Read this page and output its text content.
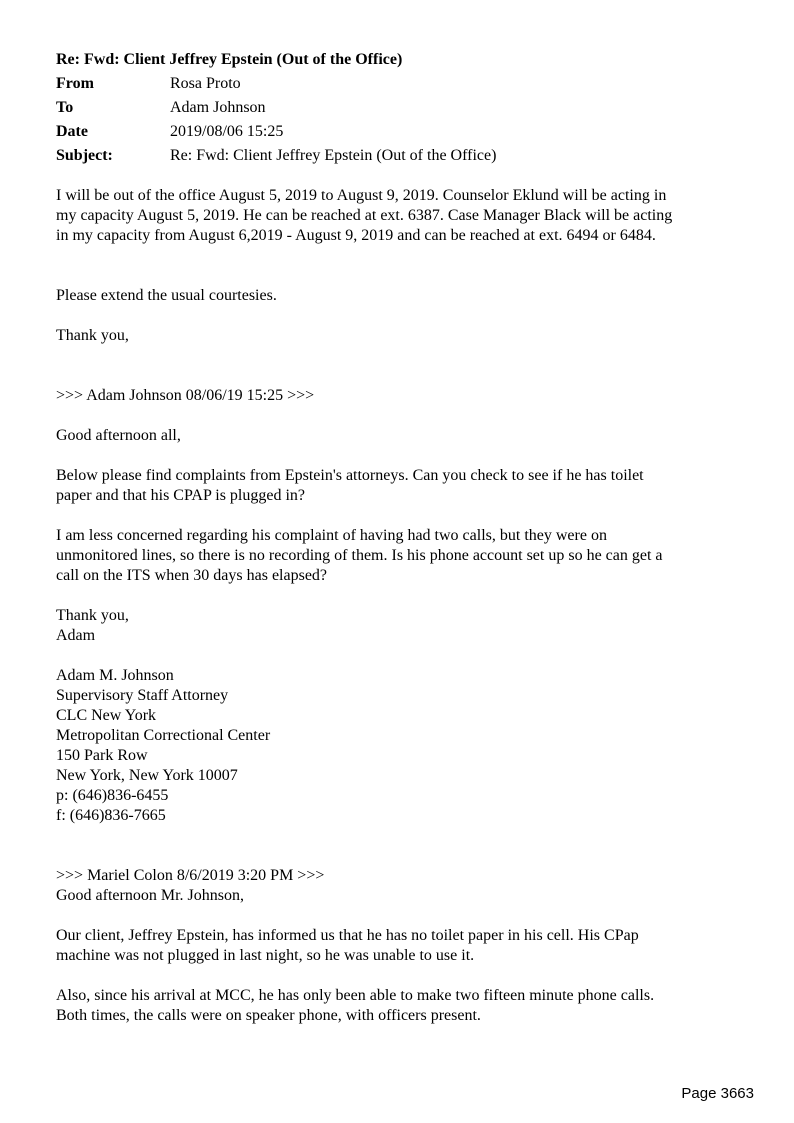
Re: Fwd: Client Jeffrey Epstein (Out of the Office)
From	Rosa Proto
To	Adam Johnson
Date	2019/08/06 15:25
Subject:	Re: Fwd: Client Jeffrey Epstein (Out of the Office)

I will be out of the office August 5, 2019 to August 9, 2019. Counselor Eklund will be acting in

my capacity August 5, 2019. He can be reached at ext. 6387. Case Manager Black will be acting

in my capacity from August 6,2019 - August 9, 2019 and can be reached at ext. 6494 or 6484.

Please extend the usual courtesies.

Thank you,

>>> Adam Johnson 08/06/19 15:25 >>>

Good afternoon all,

Below please find complaints from Epstein's attorneys. Can you check to see if he has toilet

paper and that his CPAP is plugged in?

I am less concerned regarding his complaint of having had two calls, but they were on

unmonitored lines, so there is no recording of them. Is his phone account set up so he can get a

call on the ITS when 30 days has elapsed?

Thank you,

Adam

Adam M. Johnson

Supervisory Staff Attorney

CLC New York

Metropolitan Correctional Center

150 Park Row

New York, New York 10007

p: (646)836-6455

f: (646)836-7665

>>> Mariel Colon 8/6/2019 3:20 PM >>>

Good afternoon Mr. Johnson,

Our client, Jeffrey Epstein, has informed us that he has no toilet paper in his cell. His CPap

machine was not plugged in last night, so he was unable to use it.

Also, since his arrival at MCC, he has only been able to make two fifteen minute phone calls.

Both times, the calls were on speaker phone, with officers present.

Page 3663
